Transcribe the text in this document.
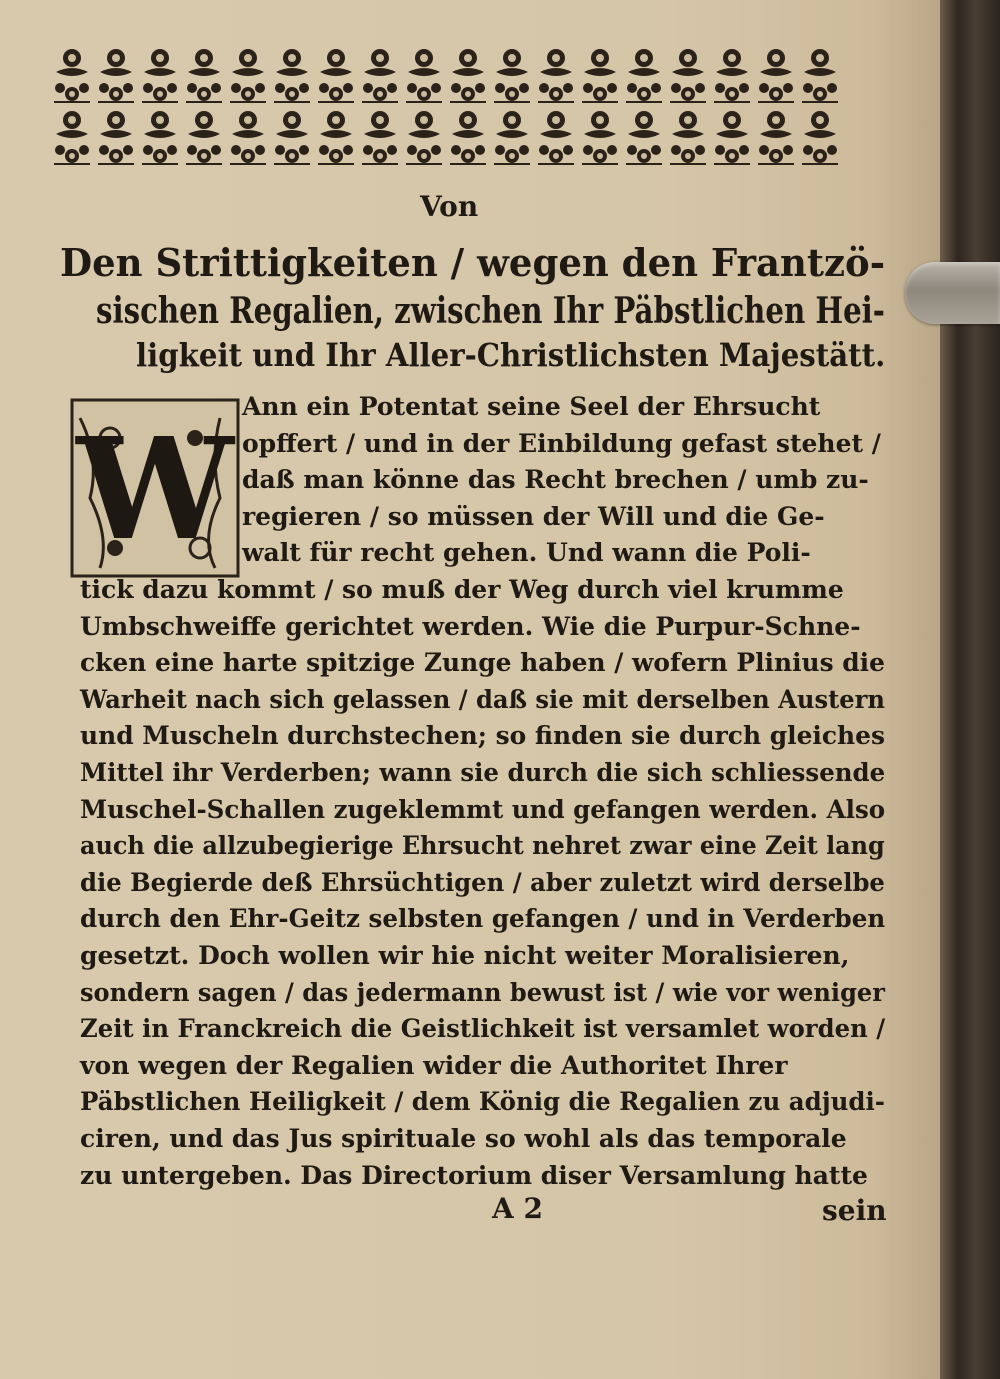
Von
Den Strittigkeiten / wegen den Frantzö-
sischen Regalien, zwischen Ihr Päbstlichen Hei-
ligkeit und Ihr Aller-Christlichsten Majestätt.
W
Ann ein Potentat seine Seel der Ehrsucht
opffert / und in der Einbildung gefast stehet /
daß man könne das Recht brechen / umb zu-
regieren / so müssen der Will und die Ge-
walt für recht gehen. Und wann die Poli-
tick dazu kommt / so muß der Weg durch viel krumme
Umbschweiffe gerichtet werden. Wie die Purpur-Schne-
cken eine harte spitzige Zunge haben / wofern Plinius die
Warheit nach sich gelassen / daß sie mit derselben Austern
und Muscheln durchstechen; so finden sie durch gleiches
Mittel ihr Verderben; wann sie durch die sich schliessende
Muschel-Schallen zugeklemmt und gefangen werden. Also
auch die allzubegierige Ehrsucht nehret zwar eine Zeit lang
die Begierde deß Ehrsüchtigen / aber zuletzt wird derselbe
durch den Ehr-Geitz selbsten gefangen / und in Verderben
gesetzt. Doch wollen wir hie nicht weiter Moralisieren,
sondern sagen / das jedermann bewust ist / wie vor weniger
Zeit in Franckreich die Geistlichkeit ist versamlet worden /
von wegen der Regalien wider die Authoritet Ihrer
Päbstlichen Heiligkeit / dem König die Regalien zu adjudi-
ciren, und das Jus spirituale so wohl als das temporale
zu untergeben. Das Directorium diser Versamlung hatte
A 2	sein
